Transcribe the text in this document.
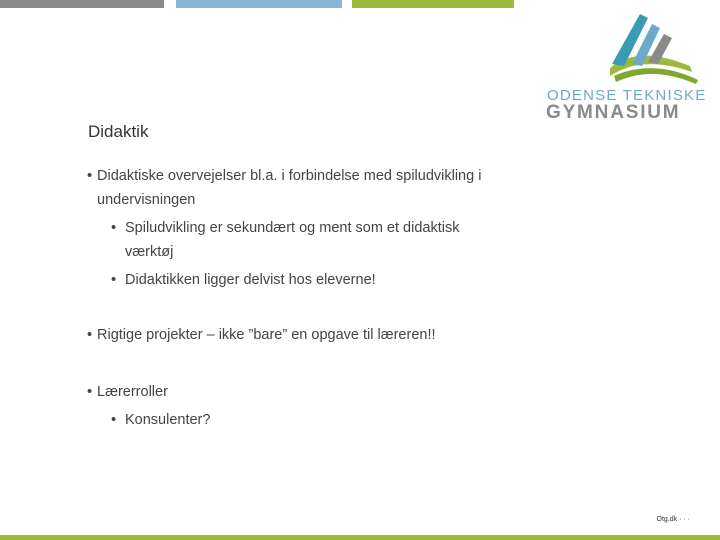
ODENSE TEKNISKE
GYMNASIUM
Didaktik
• Didaktiske overvejelser bl.a. i forbindelse med spiludvikling i undervisningen
• Spiludvikling er sekundært og ment som et didaktisk værktøj
• Didaktikken ligger delvist hos eleverne!
• Rigtige projekter – ikke ”bare” en opgave til læreren!!
• Lærerroller
• Konsulenter?
Otg.dk · · ·
